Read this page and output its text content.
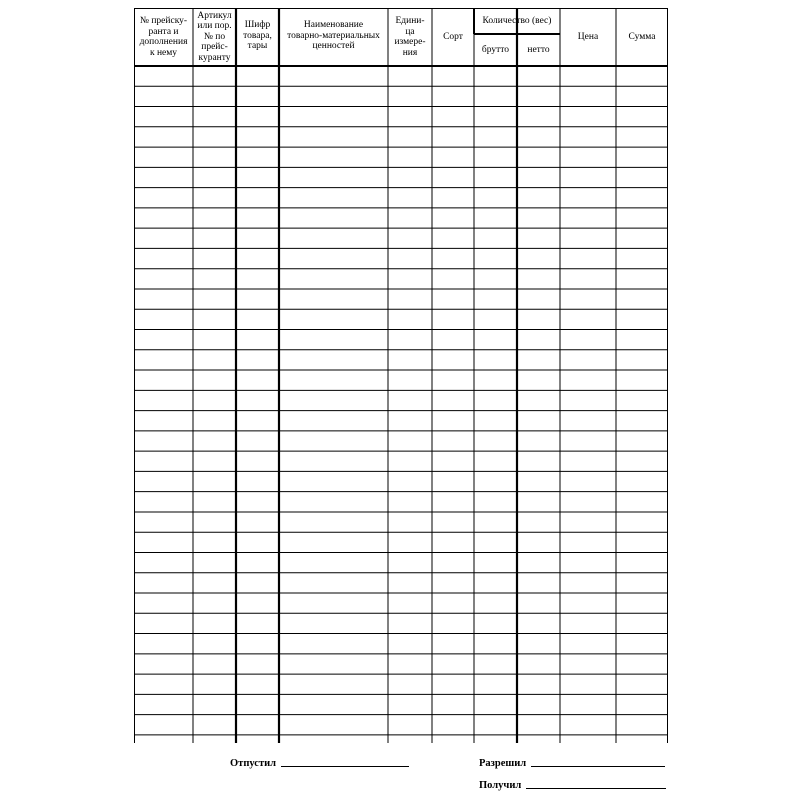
№ прейску-
ранта и
дополнения
к нему
Артикул
или пор.
№ по
прейс-
куранту
Шифр
товара,
тары
Наименование
товарно-материальных
ценностей
Едини-
ца
измере-
ния
Сорт
Количество (вес)
брутто нетто
Цена	Сумма
Отпустил	Разрешил
Получил
